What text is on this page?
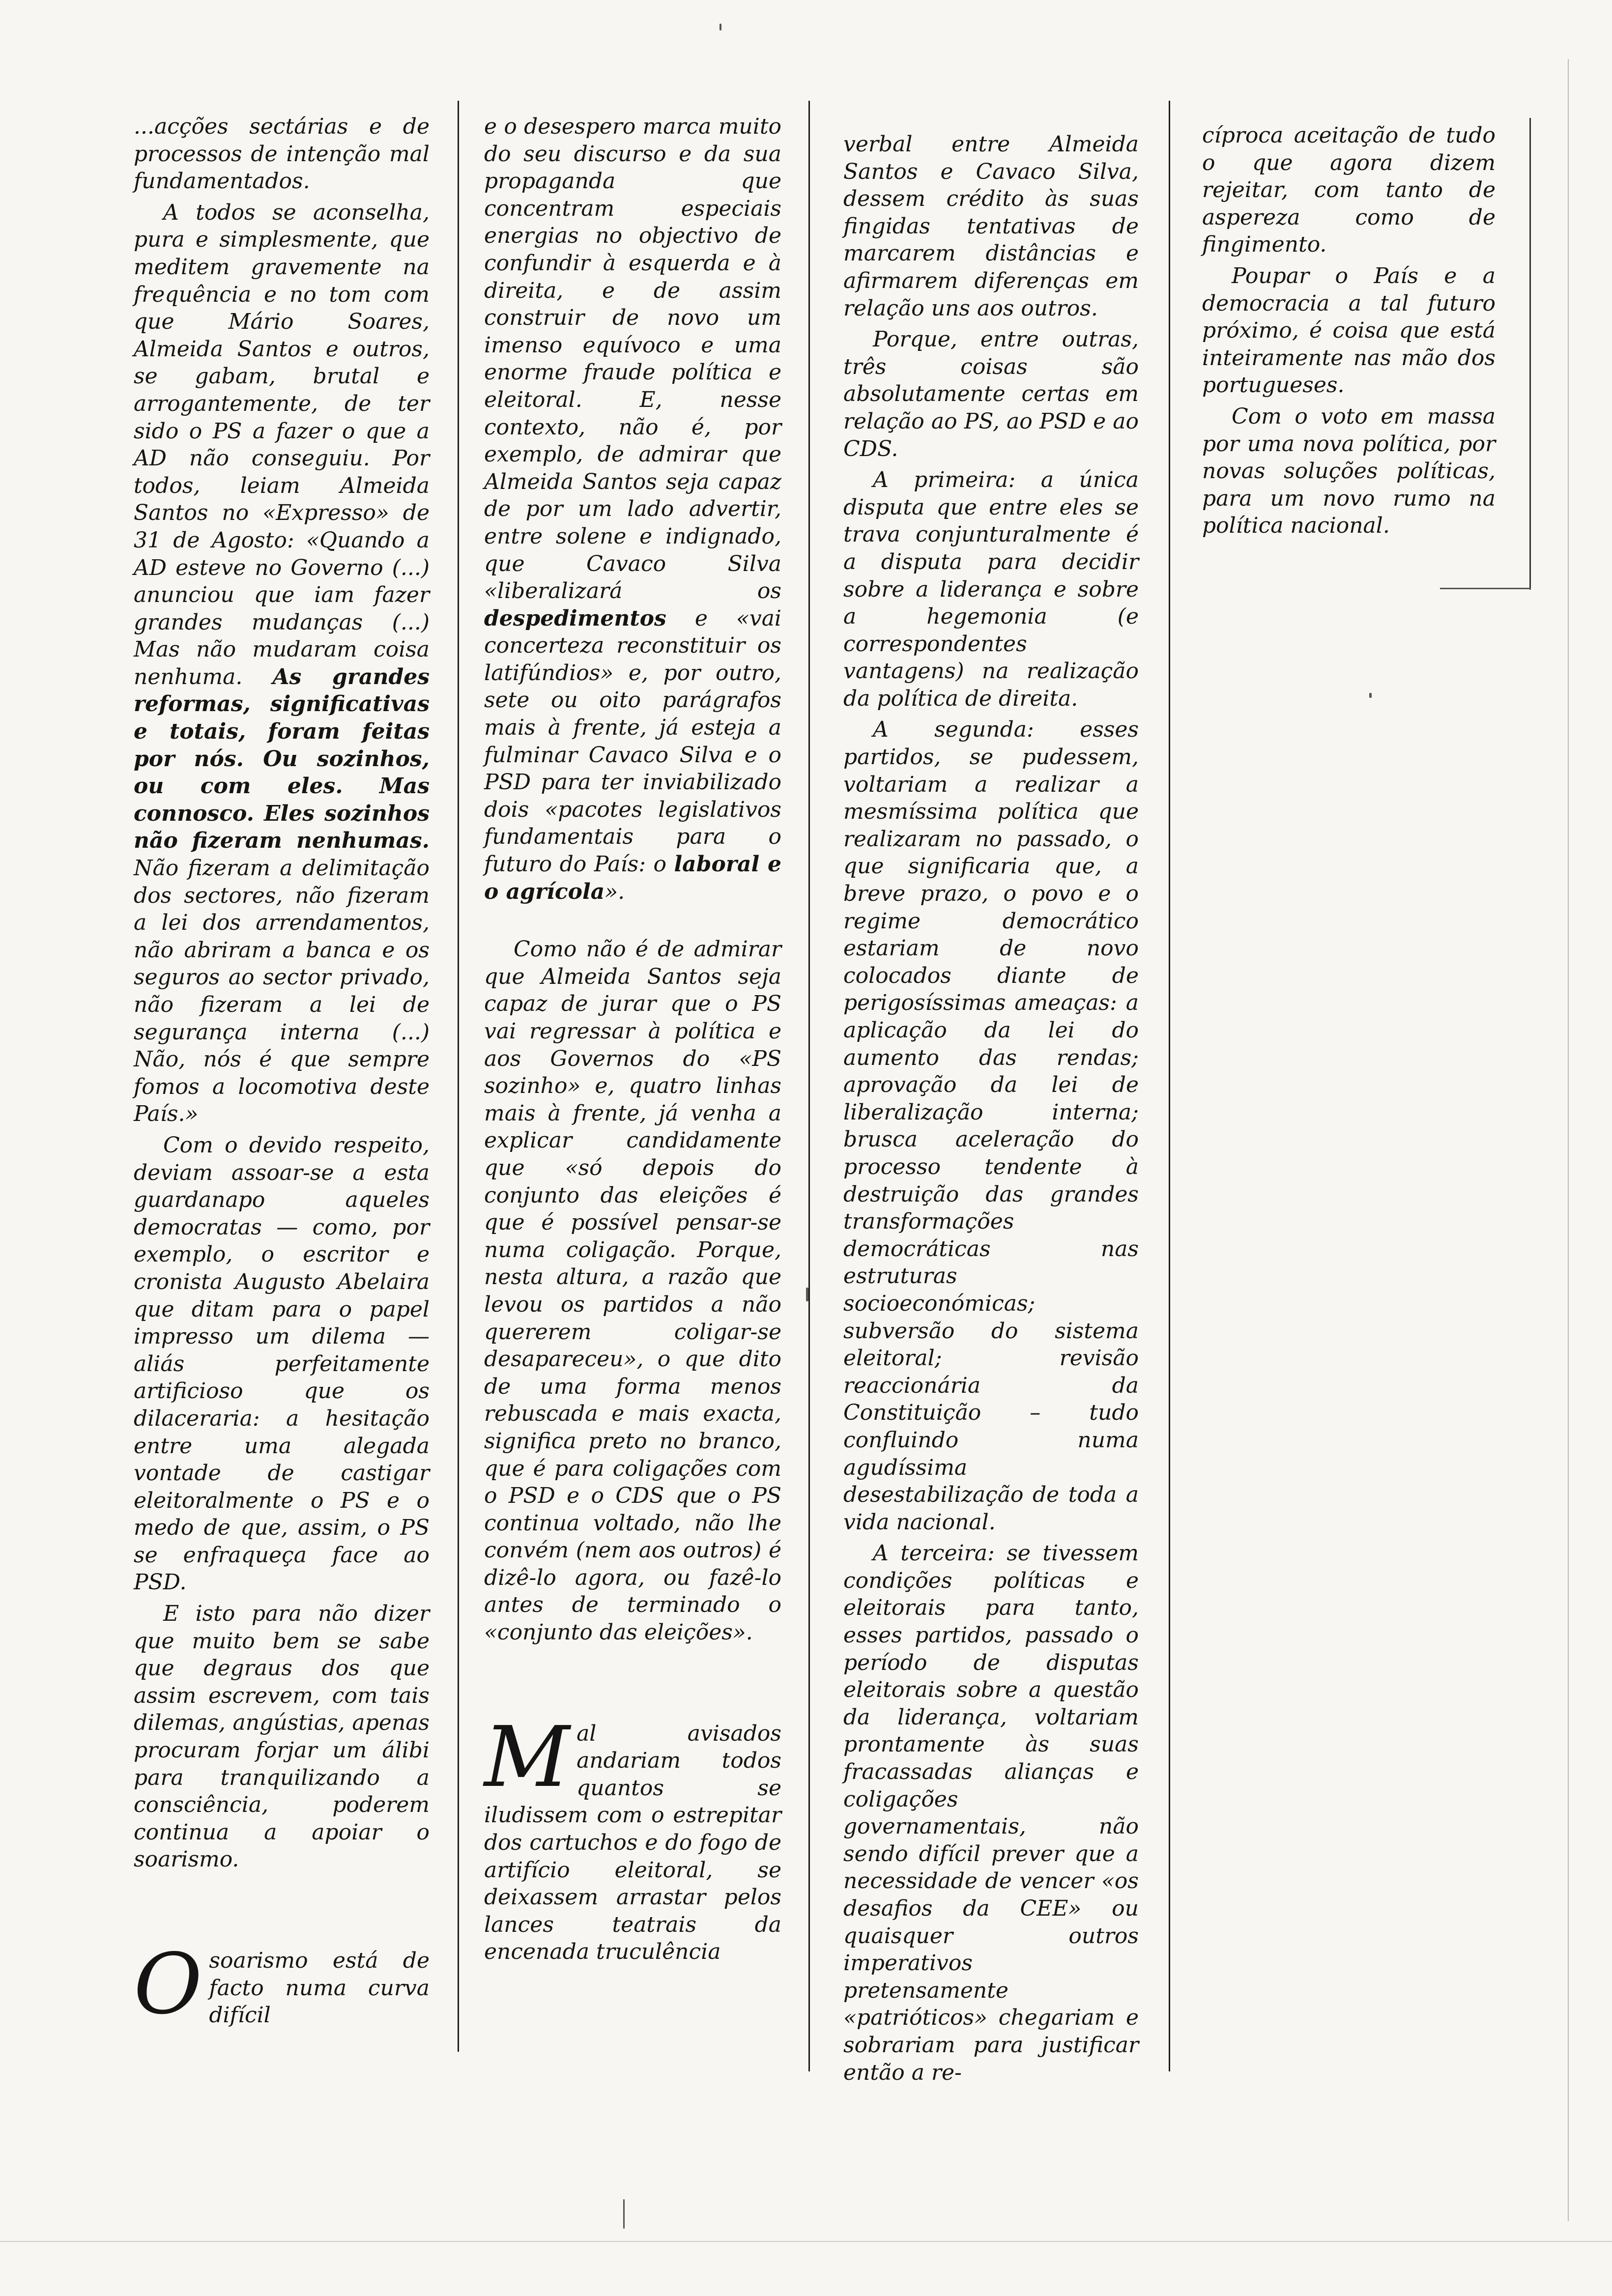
...acções sectárias e de processos de intenção mal fundamentados.

A todos se aconselha, pura e simplesmente, que meditem gravemente na frequência e no tom com que Mário Soares, Almeida Santos e outros, se gabam, brutal e arrogantemente, de ter sido o PS a fazer o que a AD não conseguiu. Por todos, leiam Almeida Santos no «Expresso» de 31 de Agosto: «Quando a AD esteve no Governo (...) anunciou que iam fazer grandes mudanças (...) Mas não mudaram coisa nenhuma. As grandes reformas, significativas e totais, foram feitas por nós. Ou sozinhos, ou com eles. Mas connosco. Eles sozinhos não fizeram nenhumas. Não fizeram a delimitação dos sectores, não fizeram a lei dos arrendamentos, não abriram a banca e os seguros ao sector privado, não fizeram a lei de segurança interna (...) Não, nós é que sempre fomos a locomotiva deste País.»

Com o devido respeito, deviam assoar-se a esta guardanapo aqueles democratas — como, por exemplo, o escritor e cronista Augusto Abelaira que ditam para o papel impresso um dilema — aliás perfeitamente artificioso que os dilaceraria: a hesitação entre uma alegada vontade de castigar eleitoralmente o PS e o medo de que, assim, o PS se enfraqueça face ao PSD.

E isto para não dizer que muito bem se sabe que degraus dos que assim escrevem, com tais dilemas, angústias, apenas procuram forjar um álibi para tranquilizando a consciência, poderem continua a apoiar o soarismo.

Osoarismo está de facto numa curva difícil

e o desespero marca muito do seu discurso e da sua propaganda que concentram especiais energias no objectivo de confundir à esquerda e à direita, e de assim construir de novo um imenso equívoco e uma enorme fraude política e eleitoral. E, nesse contexto, não é, por exemplo, de admirar que Almeida Santos seja capaz de por um lado advertir, entre solene e indignado, que Cavaco Silva «liberalizará os despedimentos e «vai concerteza reconstituir os latifúndios» e, por outro, sete ou oito parágrafos mais à frente, já esteja a fulminar Cavaco Silva e o PSD para ter inviabilizado dois «pacotes legislativos fundamentais para o futuro do País: o laboral e o agrícola».

Como não é de admirar que Almeida Santos seja capaz de jurar que o PS vai regressar à política e aos Governos do «PS sozinho» e, quatro linhas mais à frente, já venha a explicar candidamente que «só depois do conjunto das eleições é que é possível pensar-se numa coligação. Porque, nesta altura, a razão que levou os partidos a não quererem coligar-se desapareceu», o que dito de uma forma menos rebuscada e mais exacta, significa preto no branco, que é para coligações com o PSD e o CDS que o PS continua voltado, não lhe convém (nem aos outros) é dizê-lo agora, ou fazê-lo antes de terminado o «conjunto das eleições».

Mal avisados andariam todos quantos se iludissem com o estrepitar dos cartuchos e do fogo de artifício eleitoral, se deixassem arrastar pelos lances teatrais da encenada truculência

verbal entre Almeida Santos e Cavaco Silva, dessem crédito às suas fingidas tentativas de marcarem distâncias e afirmarem diferenças em relação uns aos outros.

Porque, entre outras, três coisas são absolutamente certas em relação ao PS, ao PSD e ao CDS.

A primeira: a única disputa que entre eles se trava conjunturalmente é a disputa para decidir sobre a liderança e sobre a hegemonia (e correspondentes vantagens) na realização da política de direita.

A segunda: esses partidos, se pudessem, voltariam a realizar a mesmíssima política que realizaram no passado, o que significaria que, a breve prazo, o povo e o regime democrático estariam de novo colocados diante de perigosíssimas ameaças: a aplicação da lei do aumento das rendas; aprovação da lei de liberalização interna; brusca aceleração do processo tendente à destruição das grandes transformações democráticas nas estruturas socioeconómicas; subversão do sistema eleitoral; revisão reaccionária da Constituição – tudo confluindo numa agudíssima desestabilização de toda a vida nacional.

A terceira: se tivessem condições políticas e eleitorais para tanto, esses partidos, passado o período de disputas eleitorais sobre a questão da liderança, voltariam prontamente às suas fracassadas alianças e coligações governamentais, não sendo difícil prever que a necessidade de vencer «os desafios da CEE» ou quaisquer outros imperativos pretensamente «patrióticos» chegariam e sobrariam para justificar então a re-

cíproca aceitação de tudo o que agora dizem rejeitar, com tanto de aspereza como de fingimento.

Poupar o País e a democracia a tal futuro próximo, é coisa que está inteiramente nas mão dos portugueses.

Com o voto em massa por uma nova política, por novas soluções políticas, para um novo rumo na política nacional.
